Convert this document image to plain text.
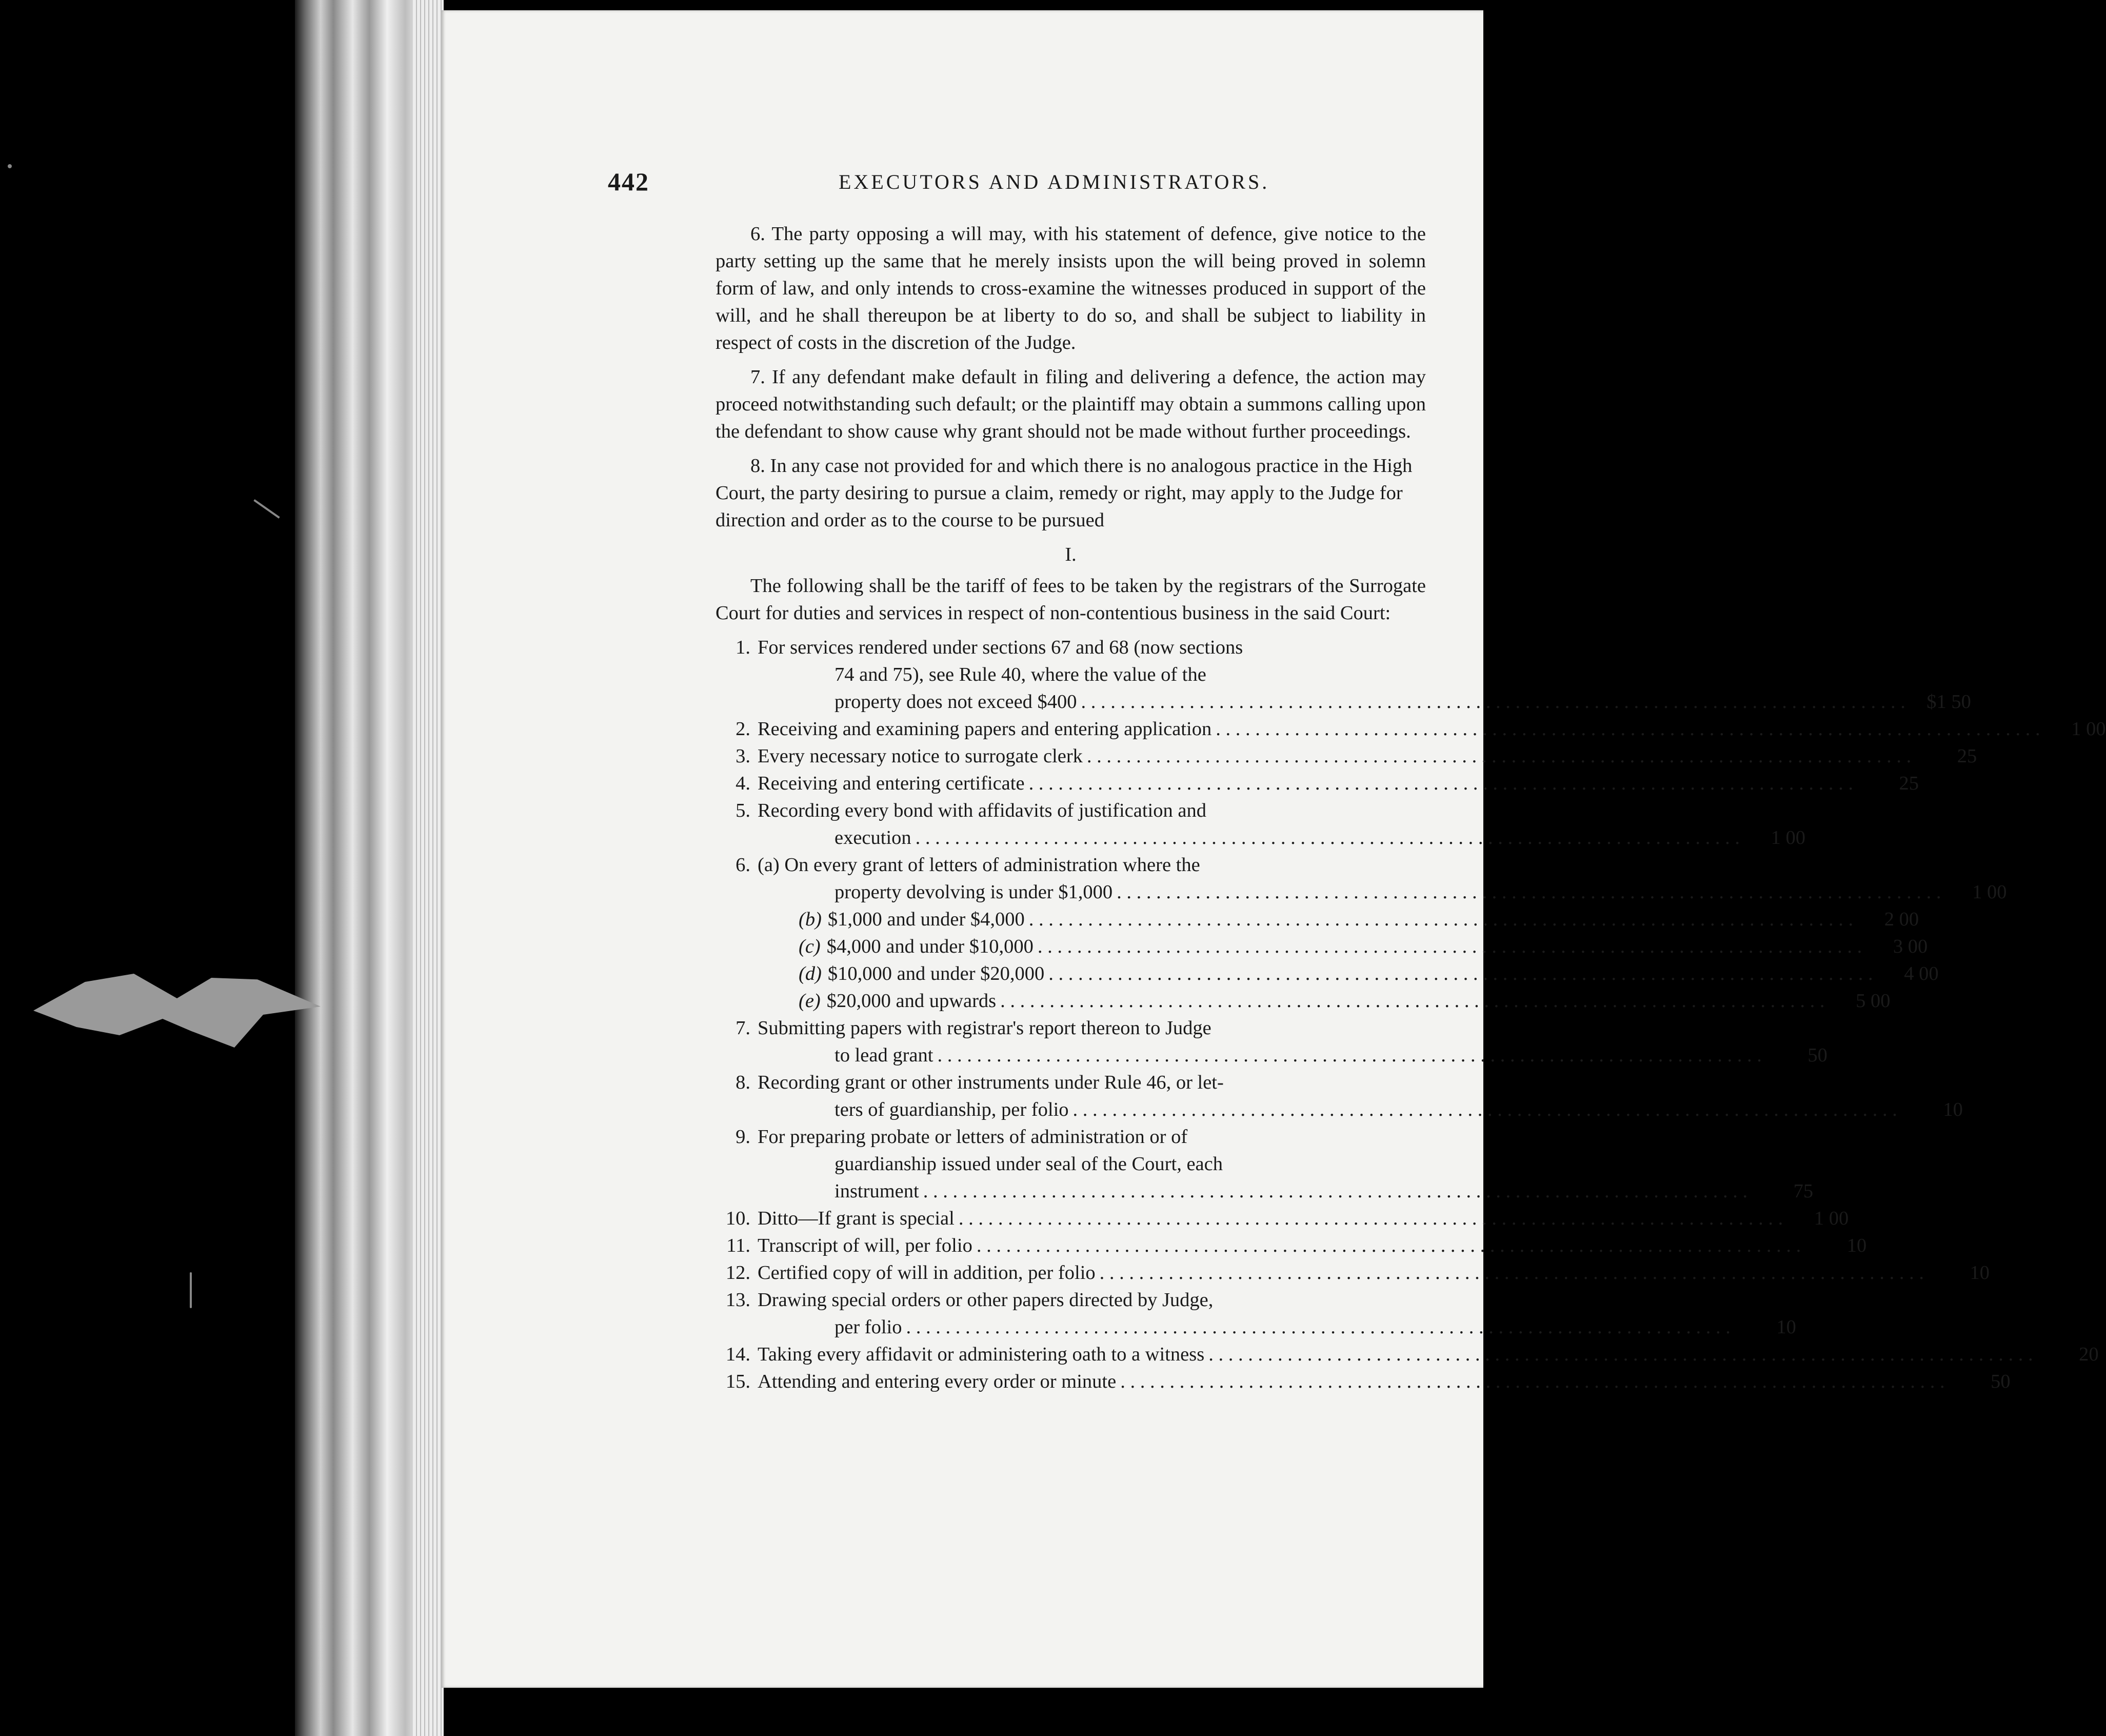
442	EXECUTORS AND ADMINISTRATORS.
6. The party opposing a will may, with his statement of defence, give notice to the party setting up the same that he merely insists upon the will being proved in solemn form of law, and only intends to cross-examine the witnesses produced in support of the will, and he shall thereupon be at liberty to do so, and shall be subject to liability in respect of costs in the discretion of the Judge.
7. If any defendant make default in filing and delivering a defence, the action may proceed notwithstanding such default; or the plaintiff may obtain a summons calling upon the defendant to show cause why grant should not be made without further proceedings.
8. In any case not provided for and which there is no analogous practice in the High Court, the party desiring to pursue a claim, remedy or right, may apply to the Judge for direction and order as to the course to be pursued
I.
The following shall be the tariff of fees to be taken by the registrars of the Surrogate Court for duties and services in respect of non-contentious business in the said Court:
1. For services rendered under sections 67 and 68 (now sections
74 and 75), see Rule 40, where the value of the
property does not exceed $400 . . .	$1 50
2. Receiving and examining papers and entering application . . .	1 00
3. Every necessary notice to surrogate clerk . . .	25
4. Receiving and entering certificate . . .	25
5. Recording every bond with affidavits of justification and
execution . . .	1 00
6. (a) On every grant of letters of administration where the
property devolving is under $1,000 . . .	1 00
(b) $1,000 and under $4,000 . . .	2 00
(c) $4,000 and under $10,000 . . .	3 00
(d) $10,000 and under $20,000 . . .	4 00
(e) $20,000 and upwards . . .	5 00
7. Submitting papers with registrar's report thereon to Judge
to lead grant . . .	50
8. Recording grant or other instruments under Rule 46, or let-
ters of guardianship, per folio . . .	10
9. For preparing probate or letters of administration or of
guardianship issued under seal of the Court, each
instrument . . .	75
10. Ditto—If grant is special . . .	1 00
11. Transcript of will, per folio . . .	10
12. Certified copy of will in addition, per folio . . .	10
13. Drawing special orders or other papers directed by Judge,
per folio . . .	10
14. Taking every affidavit or administering oath to a witness . . .	20
15. Attending and entering every order or minute . . .	50
